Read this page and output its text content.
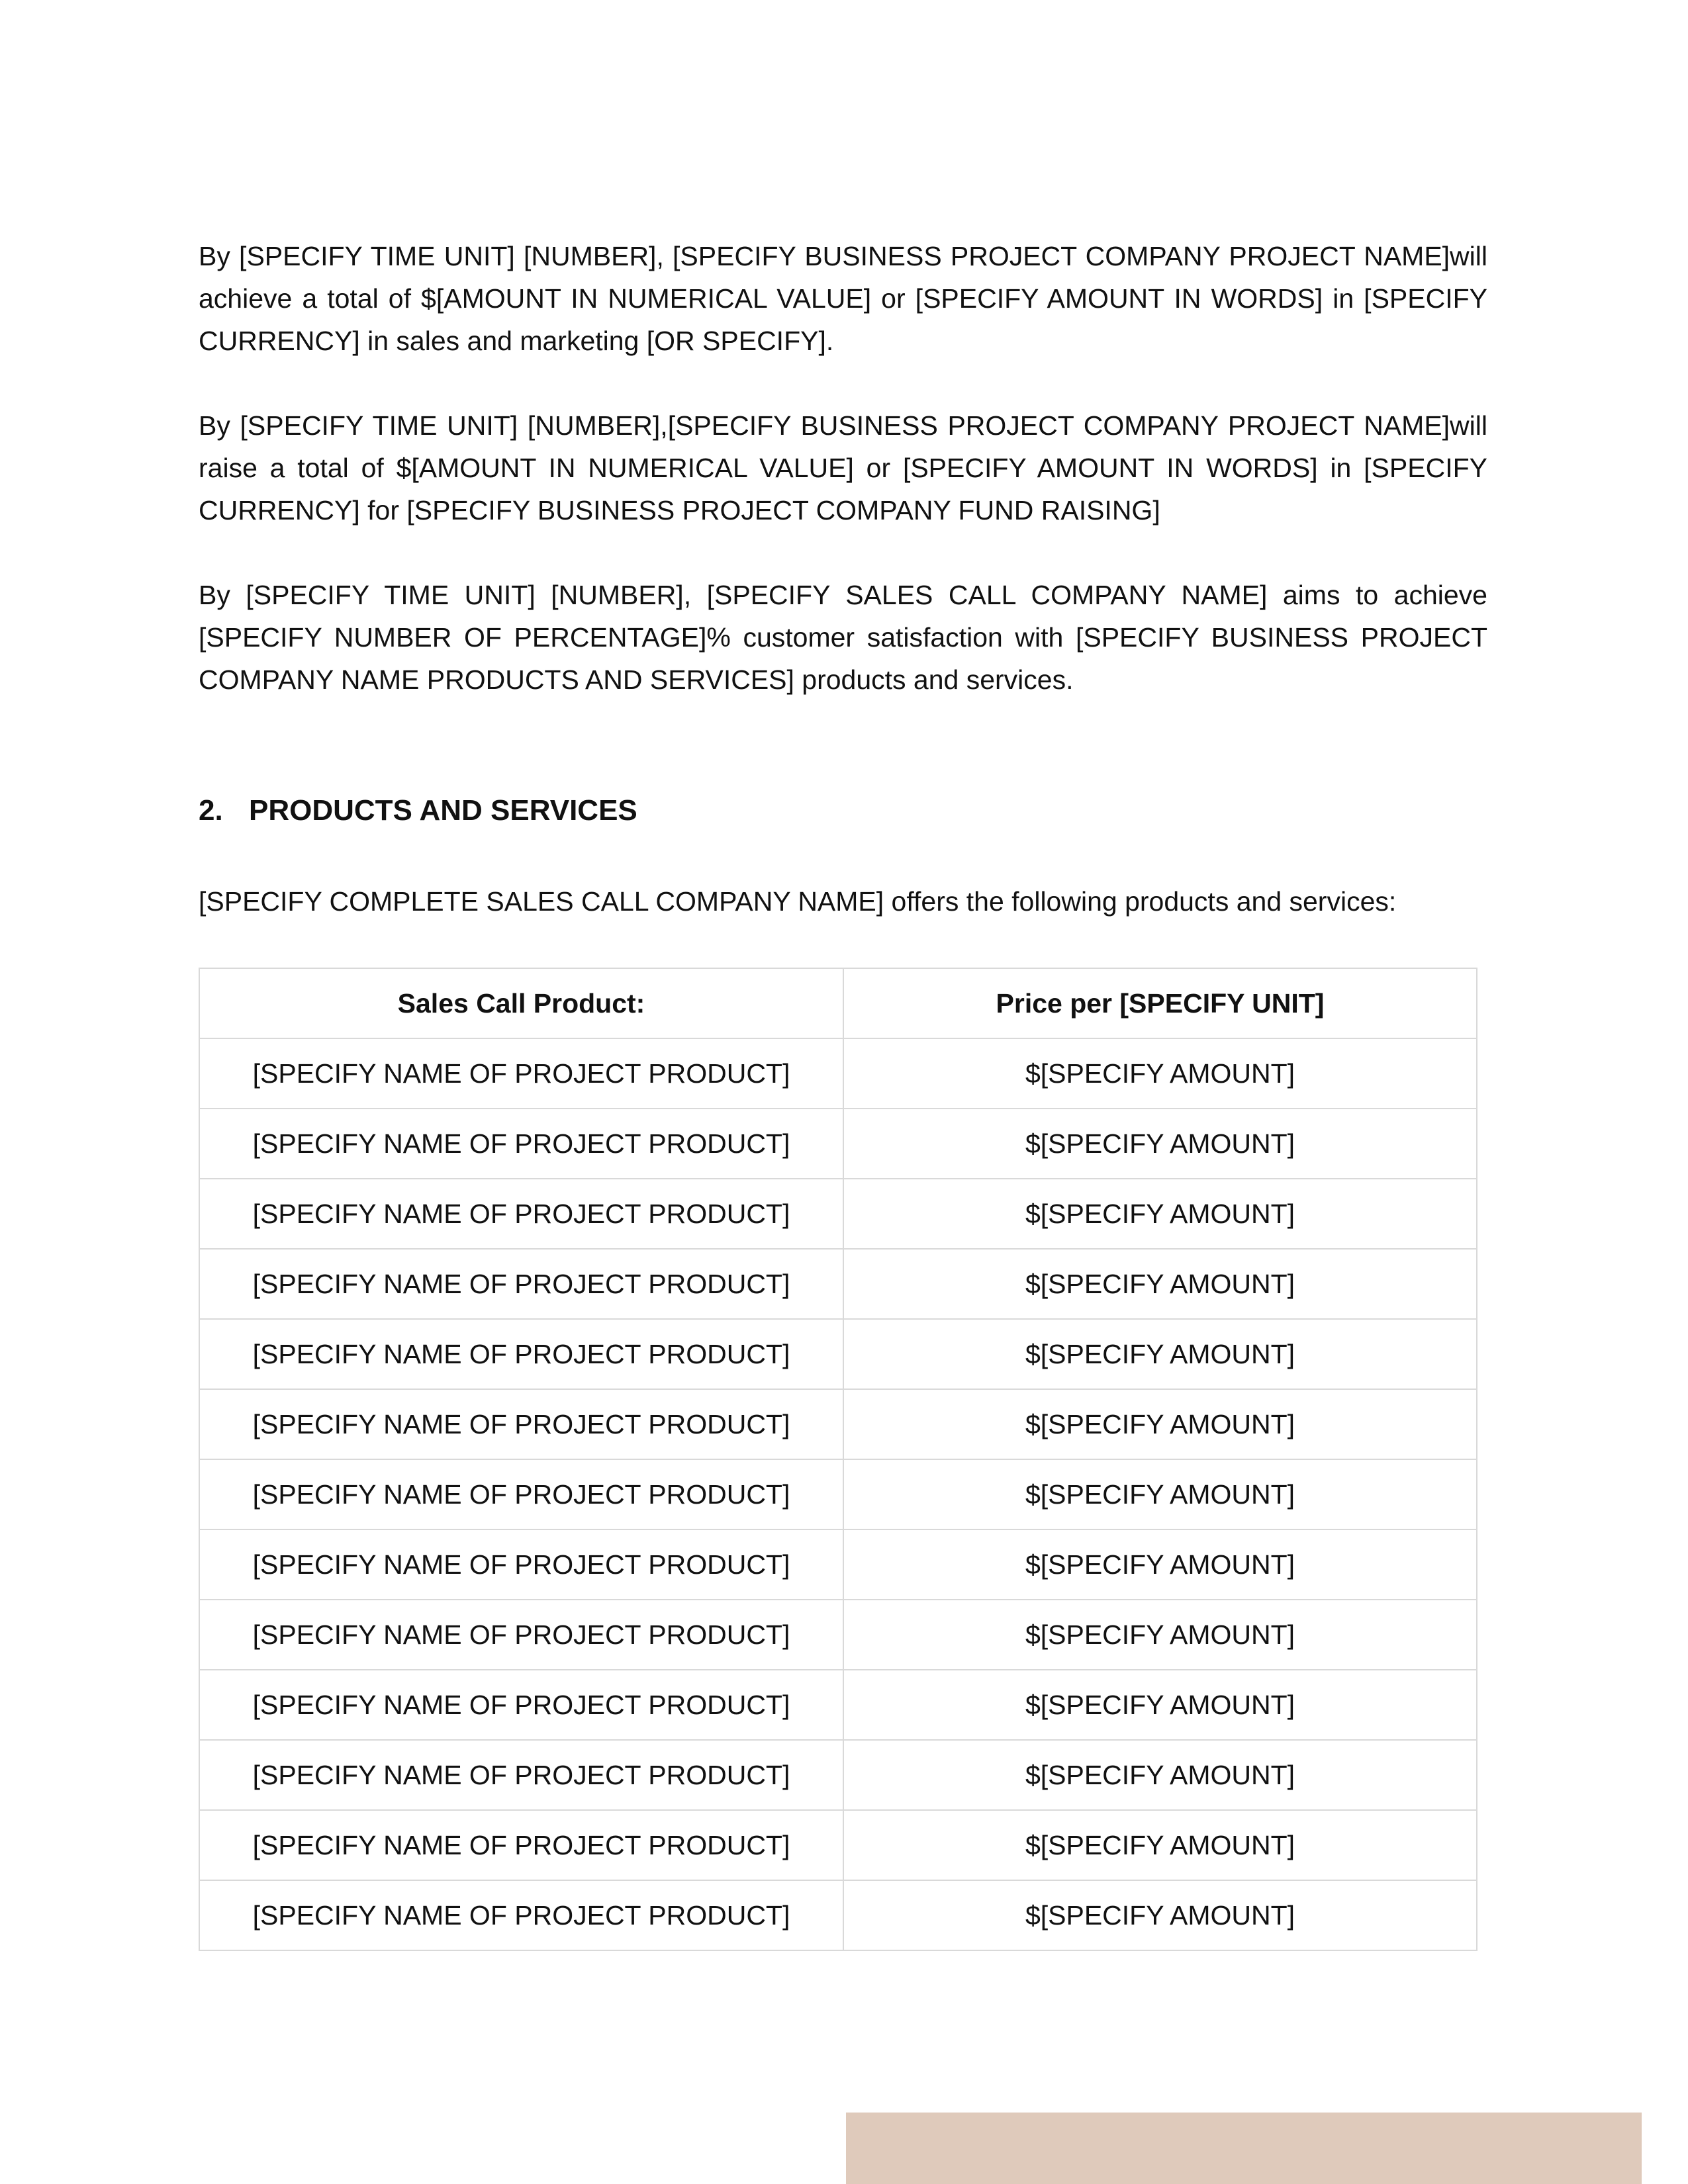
By [SPECIFY TIME UNIT] [NUMBER], [SPECIFY BUSINESS PROJECT COMPANY PROJECT NAME]will achieve a total of $[AMOUNT IN NUMERICAL VALUE] or [SPECIFY AMOUNT IN WORDS] in [SPECIFY CURRENCY] in sales and marketing [OR SPECIFY].

By [SPECIFY TIME UNIT] [NUMBER],[SPECIFY BUSINESS PROJECT COMPANY PROJECT NAME]will raise a total of $[AMOUNT IN NUMERICAL VALUE] or [SPECIFY AMOUNT IN WORDS] in [SPECIFY CURRENCY] for [SPECIFY BUSINESS PROJECT COMPANY FUND RAISING]

By [SPECIFY TIME UNIT] [NUMBER], [SPECIFY SALES CALL COMPANY NAME] aims to achieve [SPECIFY NUMBER OF PERCENTAGE]% customer satisfaction with [SPECIFY BUSINESS PROJECT COMPANY NAME PRODUCTS AND SERVICES] products and services.

2. PRODUCTS AND SERVICES

[SPECIFY COMPLETE SALES CALL COMPANY NAME] offers the following products and services:

Sales Call Product:	Price per [SPECIFY UNIT]
[SPECIFY NAME OF PROJECT PRODUCT]	$[SPECIFY AMOUNT]
[SPECIFY NAME OF PROJECT PRODUCT]	$[SPECIFY AMOUNT]
[SPECIFY NAME OF PROJECT PRODUCT]	$[SPECIFY AMOUNT]
[SPECIFY NAME OF PROJECT PRODUCT]	$[SPECIFY AMOUNT]
[SPECIFY NAME OF PROJECT PRODUCT]	$[SPECIFY AMOUNT]
[SPECIFY NAME OF PROJECT PRODUCT]	$[SPECIFY AMOUNT]
[SPECIFY NAME OF PROJECT PRODUCT]	$[SPECIFY AMOUNT]
[SPECIFY NAME OF PROJECT PRODUCT]	$[SPECIFY AMOUNT]
[SPECIFY NAME OF PROJECT PRODUCT]	$[SPECIFY AMOUNT]
[SPECIFY NAME OF PROJECT PRODUCT]	$[SPECIFY AMOUNT]
[SPECIFY NAME OF PROJECT PRODUCT]	$[SPECIFY AMOUNT]
[SPECIFY NAME OF PROJECT PRODUCT]	$[SPECIFY AMOUNT]
[SPECIFY NAME OF PROJECT PRODUCT]	$[SPECIFY AMOUNT]
